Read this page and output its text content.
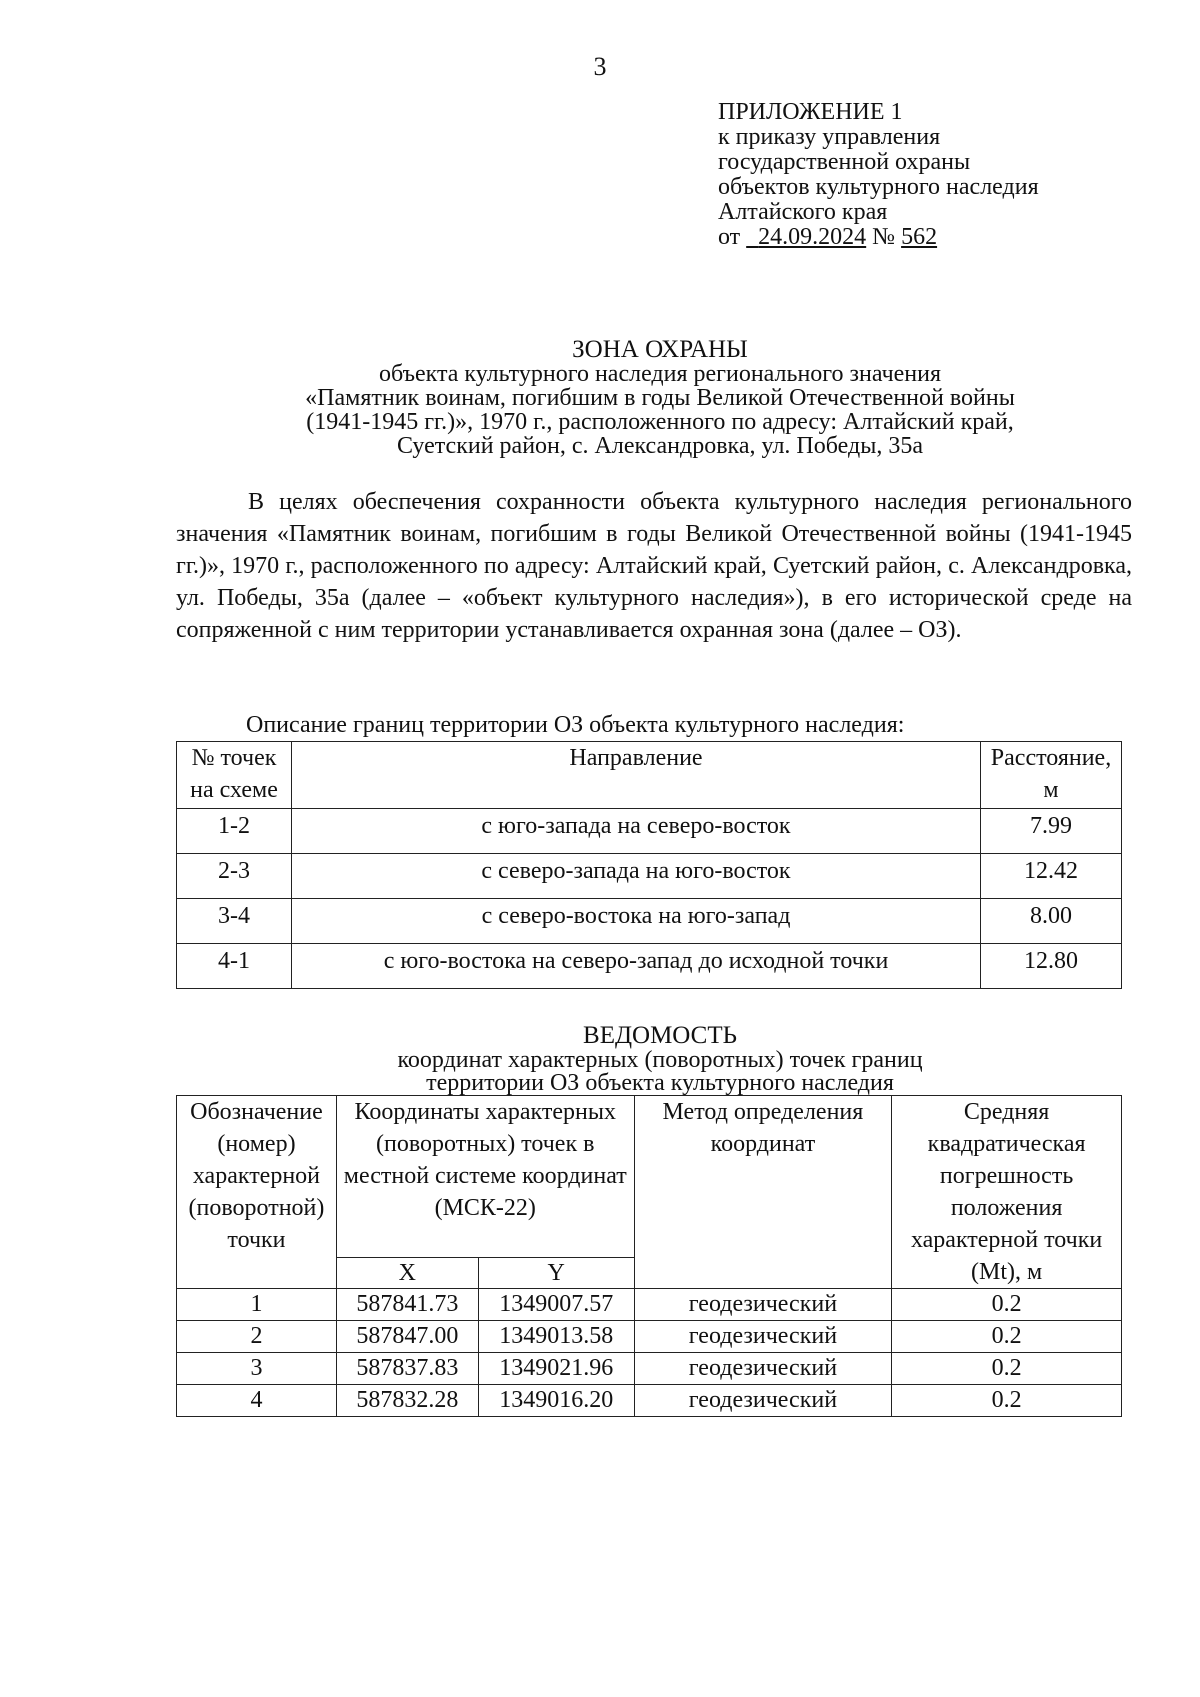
3
ПРИЛОЖЕНИЕ 1
к приказу управления
государственной охраны
объектов культурного наследия
Алтайского края
от 24.09.2024 № 562
ЗОНА ОХРАНЫ
объекта культурного наследия регионального значения
«Памятник воинам, погибшим в годы Великой Отечественной войны
(1941-1945 гг.)», 1970 г., расположенного по адресу: Алтайский край,
Суетский район, с. Александровка, ул. Победы, 35а

В целях обеспечения сохранности объекта культурного наследия регионального значения «Памятник воинам, погибшим в годы Великой Отечественной войны (1941-1945 гг.)», 1970 г., расположенного по адресу: Алтайский край, Суетский район, с. Александровка, ул. Победы, 35а (далее – «объект культурного наследия»), в его исторической среде на сопряженной с ним территории устанавливается охранная зона (далее – ОЗ).

Описание границ территории ОЗ объекта культурного наследия:
№ точек на схеме	Направление	Расстояние, м
1-2	с юго-запада на северо-восток	7.99
2-3	с северо-запада на юго-восток	12.42
3-4	с северо-востока на юго-запад	8.00
4-1	с юго-востока на северо-запад до исходной точки	12.80
ВЕДОМОСТЬ
координат характерных (поворотных) точек границ
территории ОЗ объекта культурного наследия
Обозначение (номер) характерной (поворотной) точки	Координаты характерных (поворотных) точек в местной системе координат (МСК-22)		Метод определения координат	Средняя квадратическая погрешность положения характерной точки (Mt), м
	X	Y		
1	587841.73	1349007.57	геодезический	0.2
2	587847.00	1349013.58	геодезический	0.2
3	587837.83	1349021.96	геодезический	0.2
4	587832.28	1349016.20	геодезический	0.2
